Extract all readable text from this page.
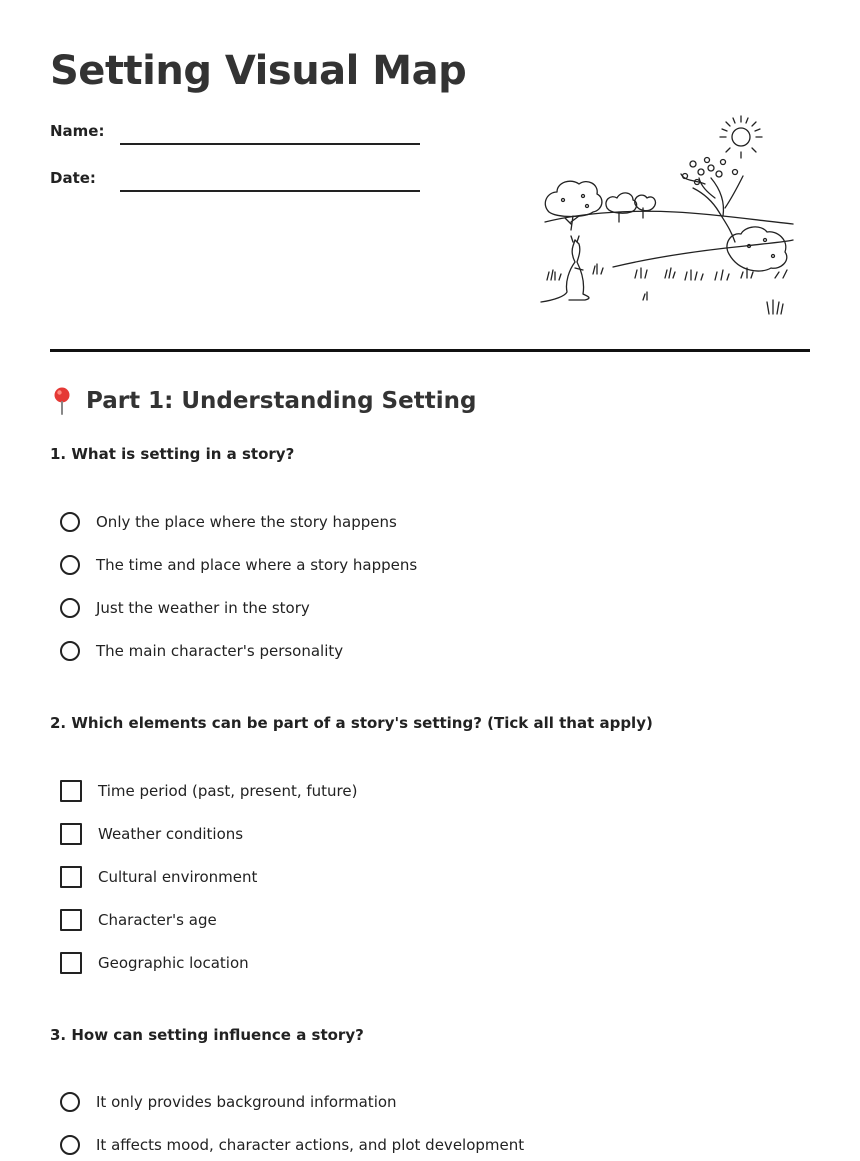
Setting Visual Map
Name:
Date:
Part 1: Understanding Setting

1. What is setting in a story?

Only the place where the story happens
The time and place where a story happens
Just the weather in the story
The main character's personality

2. Which elements can be part of a story's setting? (Tick all that apply)

Time period (past, present, future)
Weather conditions
Cultural environment
Character's age
Geographic location

3. How can setting influence a story?

It only provides background information
It affects mood, character actions, and plot development
